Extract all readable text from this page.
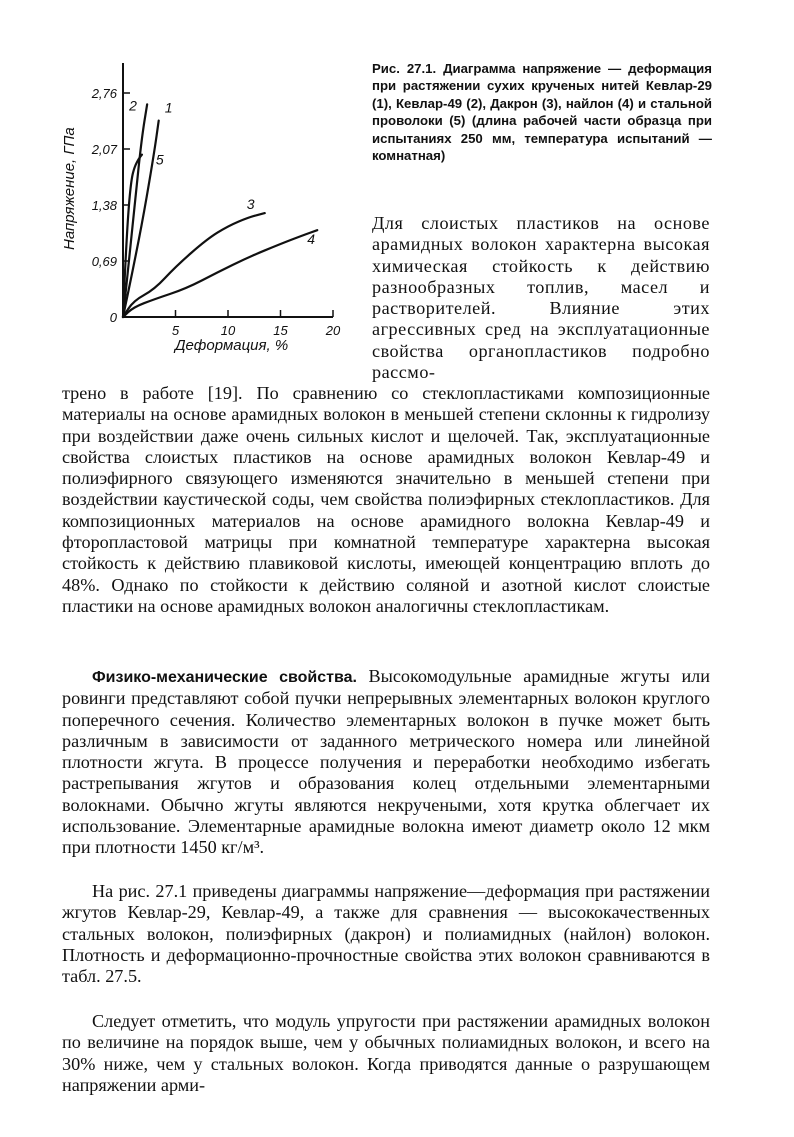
2,76
2,07
1,38
0,69
0
5	10	15	20
1
2
3
4
5
Напряжение, ГПа
Деформация, %

Рис. 27.1. Диаграмма напряжение — деформация при растяжении сухих крученых нитей Кевлар-29 (1), Кевлар-49 (2), Дакрон (3), найлон (4) и стальной проволоки (5) (длина рабочей части образца при испытаниях 250 мм, температура испытаний — комнатная)

Для слоистых пластиков на основе арамидных волокон характерна высокая химическая стойкость к действию разнообразных топлив, масел и растворителей. Влияние этих агрессивных сред на эксплуатационные свойства органопластиков подробно рассмо-

трено в работе [19]. По сравнению со стеклопластиками композиционные материалы на основе арамидных волокон в меньшей степени склонны к гидролизу при воздействии даже очень сильных кислот и щелочей. Так, эксплуатационные свойства слоистых пластиков на основе арамидных волокон Кевлар-49 и полиэфирного связующего изменяются значительно в меньшей степени при воздействии каустической соды, чем свойства полиэфирных стеклопластиков. Для композиционных материалов на основе арамидного волокна Кевлар-49 и фторопластовой матрицы при комнатной температуре характерна высокая стойкость к действию плавиковой кислоты, имеющей концентрацию вплоть до 48%. Однако по стойкости к действию соляной и азотной кислот слоистые пластики на основе арамидных волокон аналогичны стеклопластикам.

Физико-механические свойства. Высокомодульные арамидные жгуты или ровинги представляют собой пучки непрерывных элементарных волокон круглого поперечного сечения. Количество элементарных волокон в пучке может быть различным в зависимости от заданного метрического номера или линейной плотности жгута. В процессе получения и переработки необходимо избегать растрепывания жгутов и образования колец отдельными элементарными волокнами. Обычно жгуты являются некручеными, хотя крутка облегчает их использование. Элементарные арамидные волокна имеют диаметр около 12 мкм при плотности 1450 кг/м³.

На рис. 27.1 приведены диаграммы напряжение—деформация при растяжении жгутов Кевлар-29, Кевлар-49, а также для сравнения — высококачественных стальных волокон, полиэфирных (дакрон) и полиамидных (найлон) волокон. Плотность и деформационно-прочностные свойства этих волокон сравниваются в табл. 27.5.

Следует отметить, что модуль упругости при растяжении арамидных волокон по величине на порядок выше, чем у обычных полиамидных волокон, и всего на 30% ниже, чем у стальных волокон. Когда приводятся данные о разрушающем напряжении арми-
